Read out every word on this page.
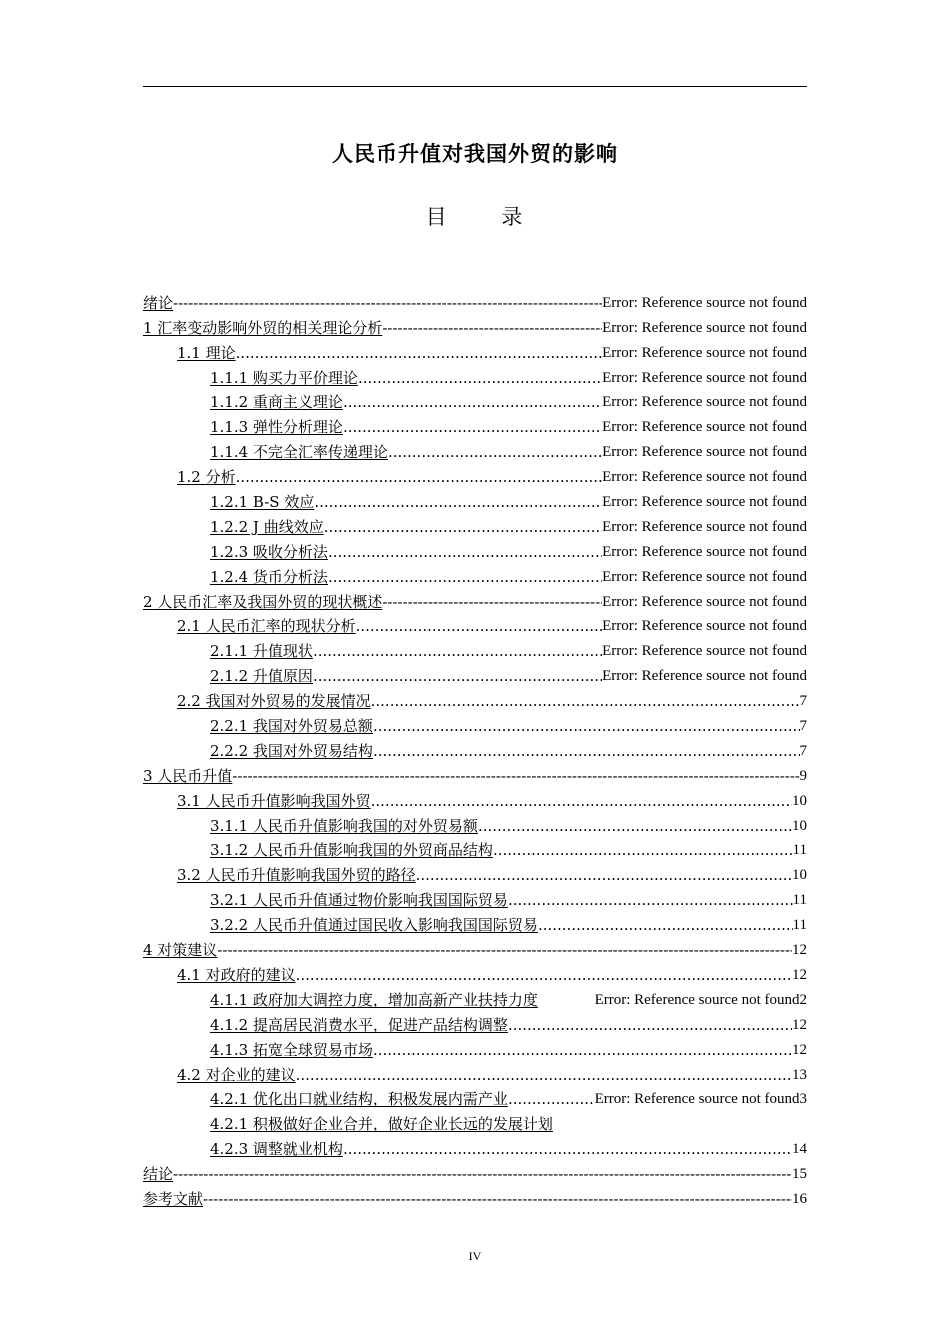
人民币升值对我国外贸的影响
目 录
绪论 -----	Error: Reference source not found
1 汇率变动影响外贸的相关理论分析 -----	Error: Reference source not found
1.1 理论 .....	Error: Reference source not found
1.1.1 购买力平价理论 .....	Error: Reference source not found
1.1.2 重商主义理论 .....	Error: Reference source not found
1.1.3 弹性分析理论 .....	Error: Reference source not found
1.1.4 不完全汇率传递理论 .....	Error: Reference source not found
1.2 分析 .....	Error: Reference source not found
1.2.1 B-S 效应 .....	Error: Reference source not found
1.2.2 J 曲线效应 .....	Error: Reference source not found
1.2.3 吸收分析法 .....	Error: Reference source not found
1.2.4 货币分析法 .....	Error: Reference source not found
2 人民币汇率及我国外贸的现状概述 -----	Error: Reference source not found
2.1 人民币汇率的现状分析 .....	Error: Reference source not found
2.1.1 升值现状 .....	Error: Reference source not found
2.1.2 升值原因 .....	Error: Reference source not found
2.2 我国对外贸易的发展情况 .....	7
2.2.1 我国对外贸易总额 .....	7
2.2.2 我国对外贸易结构 .....	7
3 人民币升值 -----	9
3.1 人民币升值影响我国外贸 .....	10
3.1.1 人民币升值影响我国的对外贸易额 .....	10
3.1.2 人民币升值影响我国的外贸商品结构 .....	11
3.2 人民币升值影响我国外贸的路径 .....	10
3.2.1 人民币升值通过物价影响我国国际贸易 .....	11
3.2.2 人民币升值通过国民收入影响我国国际贸易 .....	11
4 对策建议 -----	12
4.1 对政府的建议 .....	12
4.1.1 政府加大调控力度，增加高新产业扶持力度	Error: Reference source not found2
4.1.2 提高居民消费水平，促进产品结构调整 .....	12
4.1.3 拓宽全球贸易市场 .....	12
4.2 对企业的建议 .....	13
4.2.1 优化出口就业结构，积极发展内需产业 .....	Error: Reference source not found3
4.2.1 积极做好企业合并，做好企业长远的发展计划
4.2.3 调整就业机构 .....	14
结论 -----	15
参考文献 -----	16
IV
